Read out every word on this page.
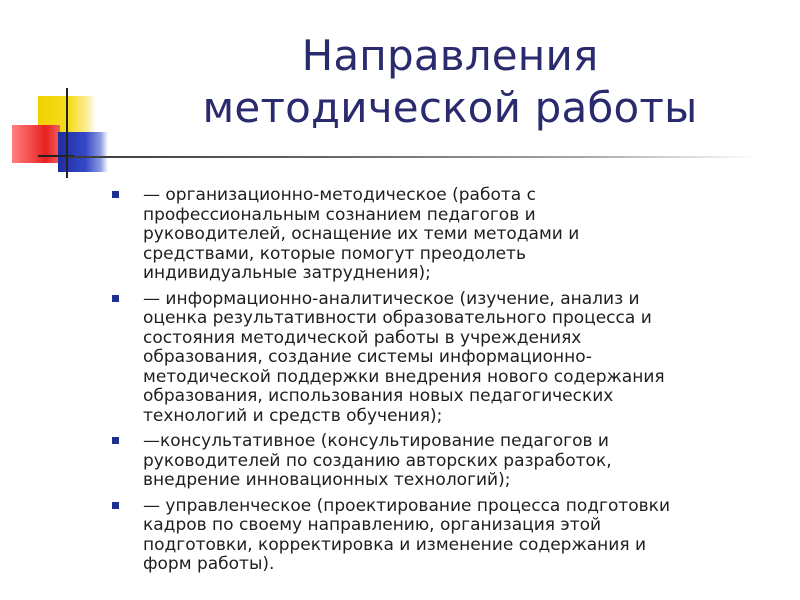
Направления
методической работы
— организационно-методическое (работа с
профессиональным сознанием педагогов и
руководителей, оснащение их теми методами и
средствами, которые помогут преодолеть
индивидуальные затруднения);
— информационно-аналитическое (изучение, анализ и
оценка результативности образовательного процесса и
состояния методической работы в учреждениях
образования, создание системы информационно-
методической поддержки внедрения нового содержания
образования, использования новых педагогических
технологий и средств обучения);
—консультативное (консультирование педагогов и
руководителей по созданию авторских разработок,
внедрение инновационных технологий);
— управленческое (проектирование процесса подготовки
кадров по своему направлению, организация этой
подготовки, корректировка и изменение содержания и
форм работы).
